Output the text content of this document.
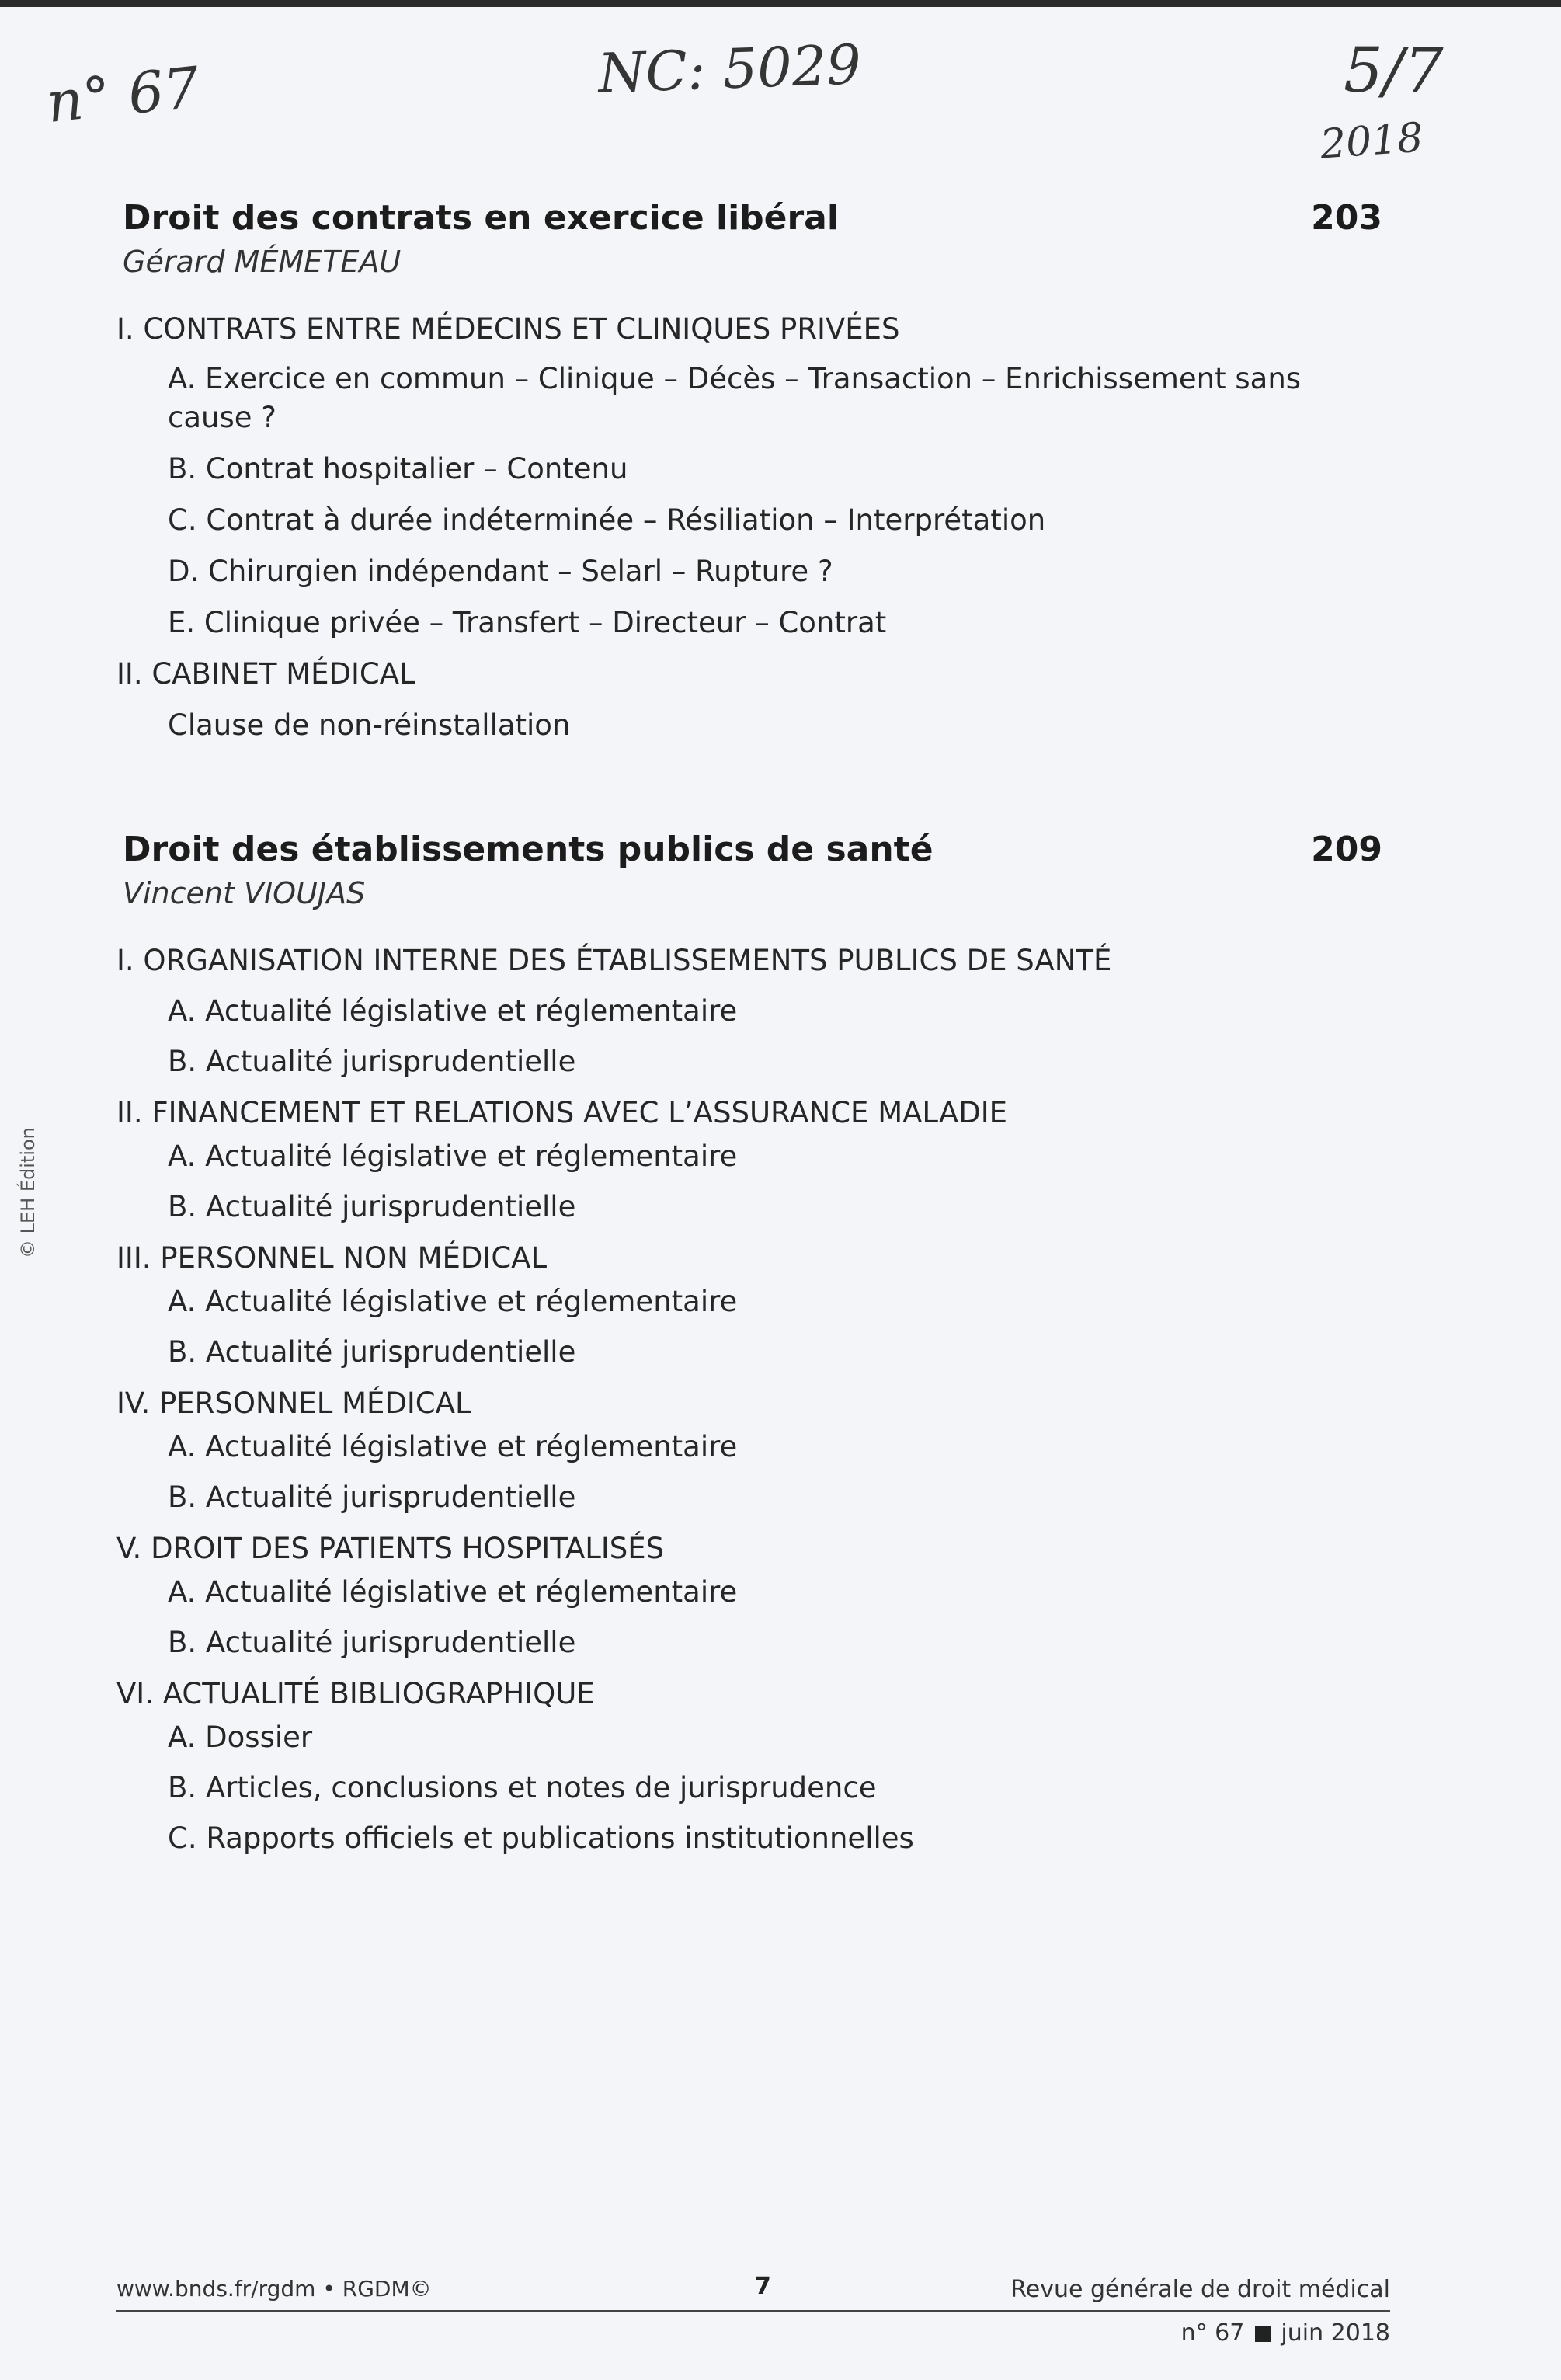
n° 67	NC: 5029	5/7
2018
© LEH Édition
Droit des contrats en exercice libéral	203
Gérard MÉMETEAU
I. CONTRATS ENTRE MÉDECINS ET CLINIQUES PRIVÉES
A. Exercice en commun – Clinique – Décès – Transaction – Enrichissement sans cause ?
B. Contrat hospitalier – Contenu
C. Contrat à durée indéterminée – Résiliation – Interprétation
D. Chirurgien indépendant – Selarl – Rupture ?
E. Clinique privée – Transfert – Directeur – Contrat
II. CABINET MÉDICAL
Clause de non-réinstallation
Droit des établissements publics de santé	209
Vincent VIOUJAS
I. ORGANISATION INTERNE DES ÉTABLISSEMENTS PUBLICS DE SANTÉ
A. Actualité législative et réglementaire
B. Actualité jurisprudentielle
II. FINANCEMENT ET RELATIONS AVEC L’ASSURANCE MALADIE
A. Actualité législative et réglementaire
B. Actualité jurisprudentielle
III. PERSONNEL NON MÉDICAL
A. Actualité législative et réglementaire
B. Actualité jurisprudentielle
IV. PERSONNEL MÉDICAL
A. Actualité législative et réglementaire
B. Actualité jurisprudentielle
V. DROIT DES PATIENTS HOSPITALISÉS
A. Actualité législative et réglementaire
B. Actualité jurisprudentielle
VI. ACTUALITÉ BIBLIOGRAPHIQUE
A. Dossier
B. Articles, conclusions et notes de jurisprudence
C. Rapports officiels et publications institutionnelles
www.bnds.fr/rgdm • RGDM©	7	Revue générale de droit médical
n° 67 juin 2018
